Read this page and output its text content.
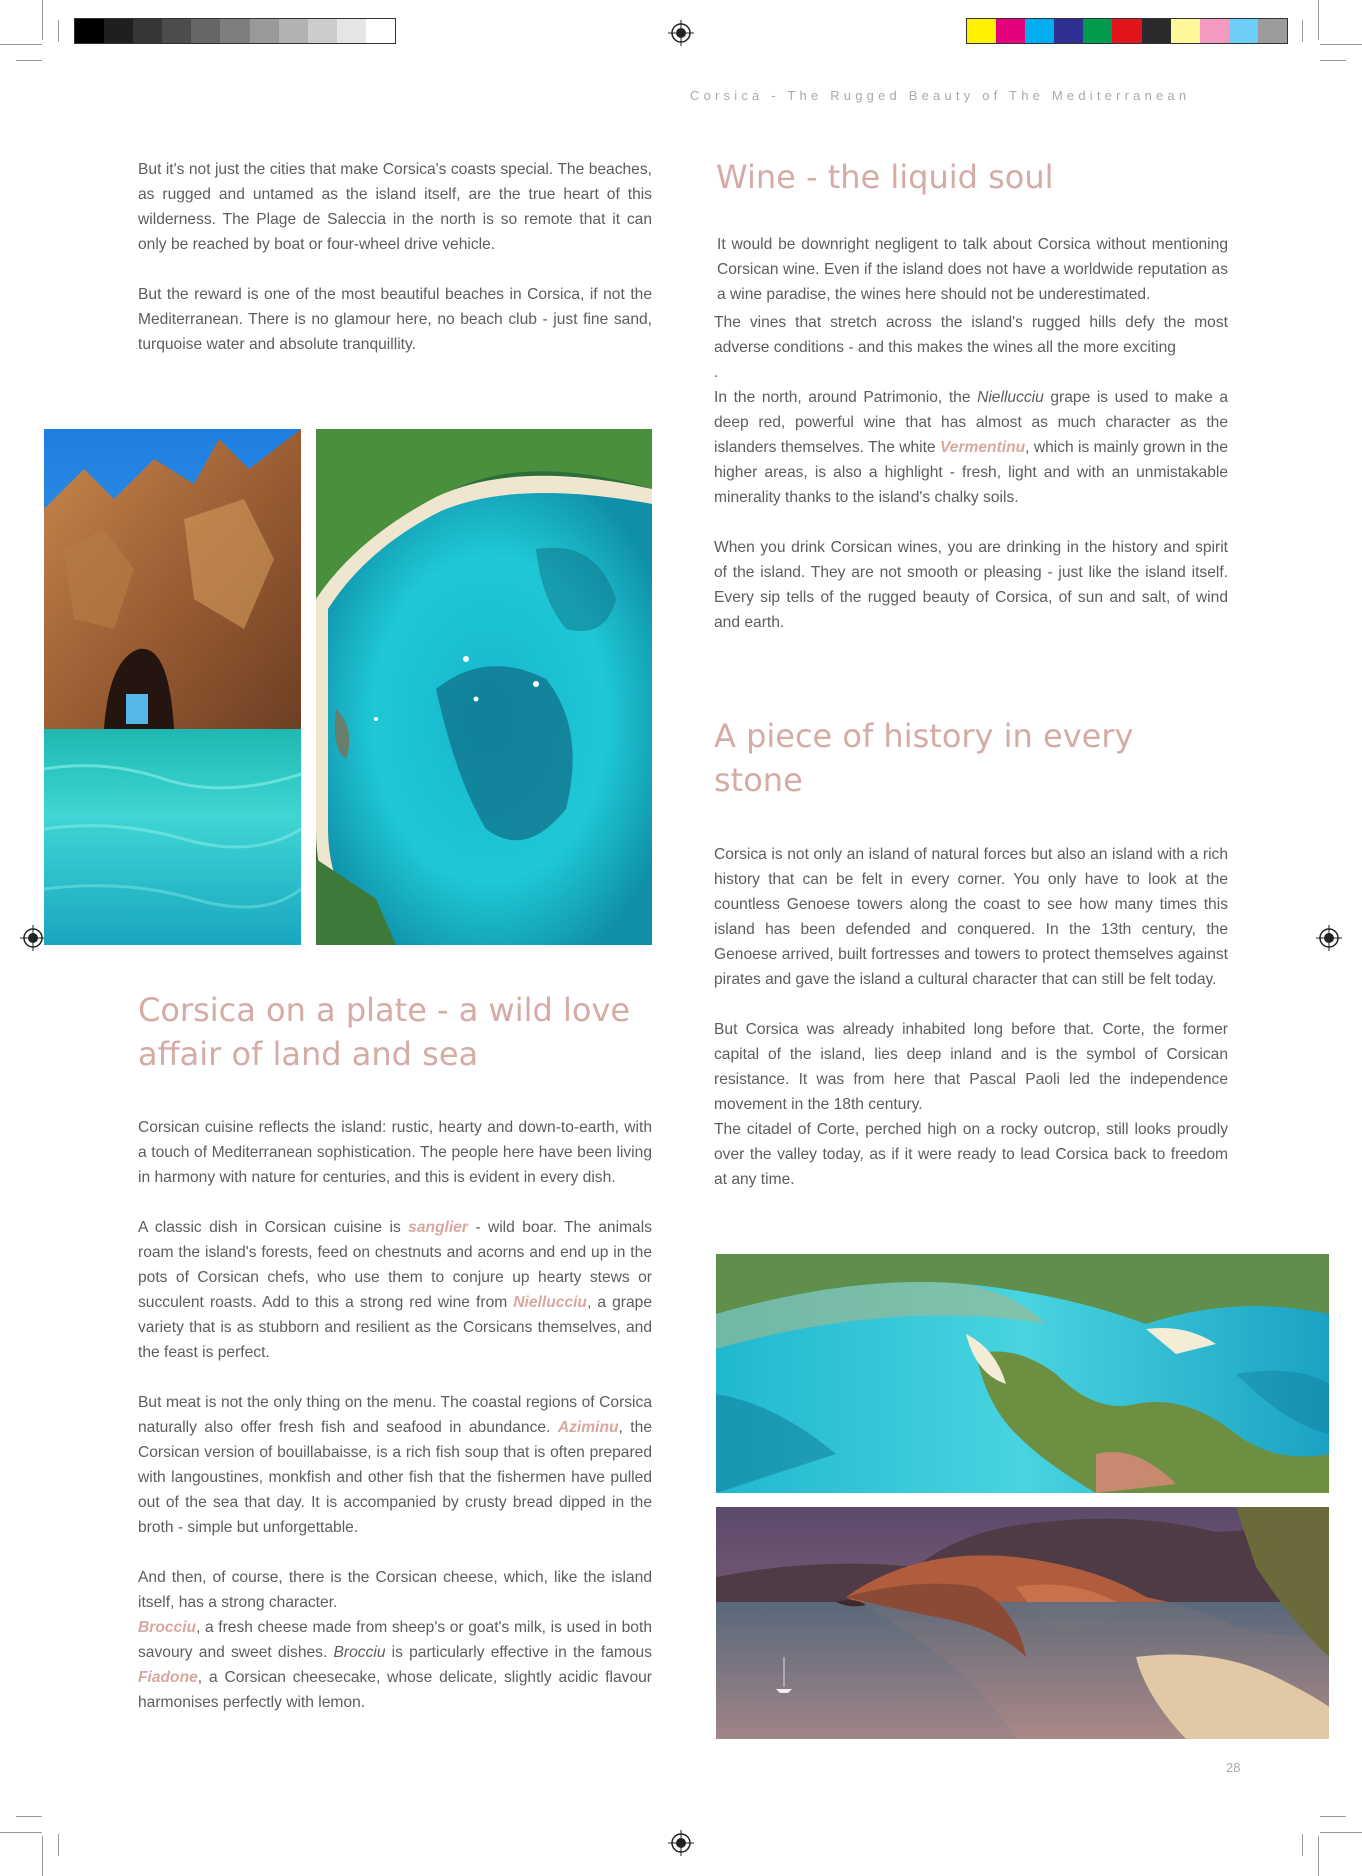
Corsica - The Rugged Beauty of The Mediterranean

But it's not just the cities that make Corsica's coasts special. The beaches, as rugged and untamed as the island itself, are the true heart of this wilderness. The Plage de Saleccia in the north is so remote that it can only be reached by boat or four-wheel drive vehicle.

But the reward is one of the most beautiful beaches in Corsica, if not the Mediterranean. There is no glamour here, no beach club - just fine sand, turquoise water and absolute tranquillity.

Corsica on a plate - a wild love affair of land and sea

Corsican cuisine reflects the island: rustic, hearty and down-to-earth, with a touch of Mediterranean sophistication. The people here have been living in harmony with nature for centuries, and this is evident in every dish.

A classic dish in Corsican cuisine is sanglier - wild boar. The animals roam the island's forests, feed on chestnuts and acorns and end up in the pots of Corsican chefs, who use them to conjure up hearty stews or succulent roasts. Add to this a strong red wine from Niellucciu, a grape variety that is as stubborn and resilient as the Corsicans themselves, and the feast is perfect.

But meat is not the only thing on the menu. The coastal regions of Corsica naturally also offer fresh fish and seafood in abundance. Aziminu, the Corsican version of bouillabaisse, is a rich fish soup that is often prepared with langoustines, monkfish and other fish that the fishermen have pulled out of the sea that day. It is accompanied by crusty bread dipped in the broth - simple but unforgettable.

And then, of course, there is the Corsican cheese, which, like the island itself, has a strong character.

Brocciu, a fresh cheese made from sheep's or goat's milk, is used in both savoury and sweet dishes. Brocciu is particularly effective in the famous Fiadone, a Corsican cheesecake, whose delicate, slightly acidic flavour harmonises perfectly with lemon.

Wine - the liquid soul

It would be downright negligent to talk about Corsica without mentioning Corsican wine. Even if the island does not have a worldwide reputation as a wine paradise, the wines here should not be underestimated.

The vines that stretch across the island's rugged hills defy the most adverse conditions - and this makes the wines all the more exciting

.

In the north, around Patrimonio, the Niellucciu grape is used to make a deep red, powerful wine that has almost as much character as the islanders themselves. The white Vermentinu, which is mainly grown in the higher areas, is also a highlight - fresh, light and with an unmistakable minerality thanks to the island's chalky soils.

When you drink Corsican wines, you are drinking in the history and spirit of the island. They are not smooth or pleasing - just like the island itself. Every sip tells of the rugged beauty of Corsica, of sun and salt, of wind and earth.

A piece of history in every stone

Corsica is not only an island of natural forces but also an island with a rich history that can be felt in every corner. You only have to look at the countless Genoese towers along the coast to see how many times this island has been defended and conquered. In the 13th century, the Genoese arrived, built fortresses and towers to protect themselves against pirates and gave the island a cultural character that can still be felt today.

But Corsica was already inhabited long before that. Corte, the former capital of the island, lies deep inland and is the symbol of Corsican resistance. It was from here that Pascal Paoli led the independence movement in the 18th century.

The citadel of Corte, perched high on a rocky outcrop, still looks proudly over the valley today, as if it were ready to lead Corsica back to freedom at any time.

28
